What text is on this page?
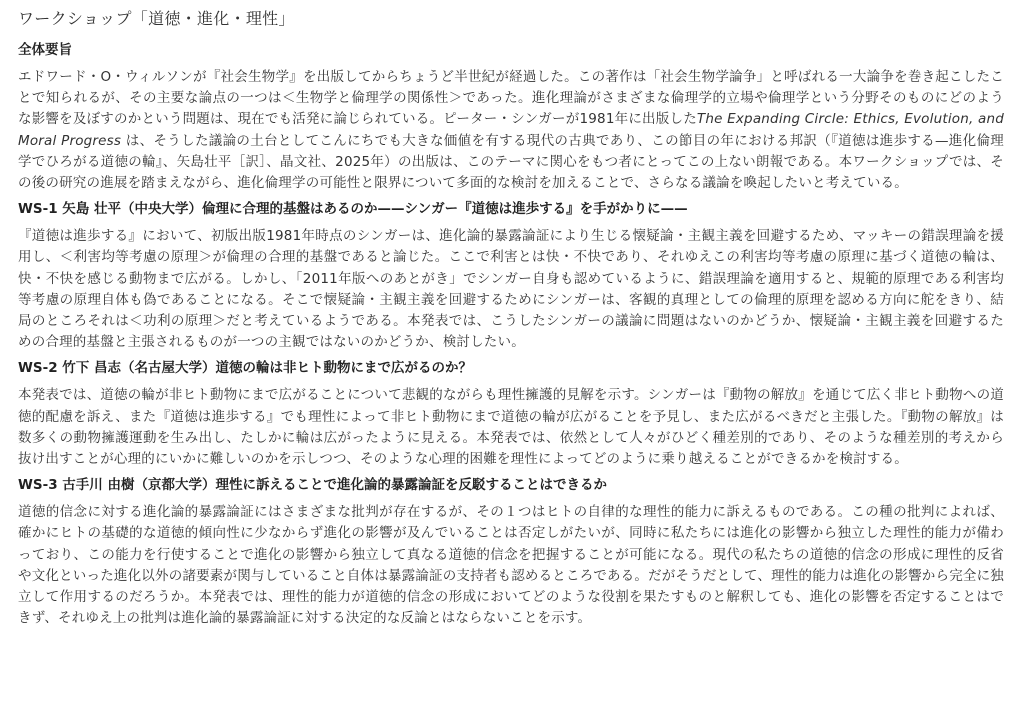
ワークショップ「道徳・進化・理性」
全体要旨

エドワード・O・ウィルソンが『社会生物学』を出版してからちょうど半世紀が経過した。この著作は「社会生物学論争」と呼ばれる一大論争を巻き起こしたことで知られるが、その主要な論点の一つは＜生物学と倫理学の関係性＞であった。進化理論がさまざまな倫理学的立場や倫理学という分野そのものにどのような影響を及ぼすのかという問題は、現在でも活発に論じられている。ピーター・シンガーが1981年に出版したThe Expanding Circle: Ethics, Evolution, and Moral Progress は、そうした議論の土台としてこんにちでも大きな価値を有する現代の古典であり、この節目の年における邦訳（『道徳は進歩する—進化倫理学でひろがる道徳の輪』、矢島壮平［訳］、晶文社、2025年）の出版は、このテーマに関心をもつ者にとってこの上ない朗報である。本ワークショップでは、その後の研究の進展を踏まえながら、進化倫理学の可能性と限界について多面的な検討を加えることで、さらなる議論を喚起したいと考えている。

WS-1 矢島 壮平（中央大学）倫理に合理的基盤はあるのか——シンガー『道徳は進歩する』を手がかりに——

『道徳は進歩する』において、初版出版1981年時点のシンガーは、進化論的暴露論証により生じる懐疑論・主観主義を回避するため、マッキーの錯誤理論を援用し、＜利害均等考慮の原理＞が倫理の合理的基盤であると論じた。ここで利害とは快・不快であり、それゆえこの利害均等考慮の原理に基づく道徳の輪は、快・不快を感じる動物まで広がる。しかし、「2011年版へのあとがき」でシンガー自身も認めているように、錯誤理論を適用すると、規範的原理である利害均等考慮の原理自体も偽であることになる。そこで懐疑論・主観主義を回避するためにシンガーは、客観的真理としての倫理的原理を認める方向に舵をきり、結局のところそれは＜功利の原理＞だと考えているようである。本発表では、こうしたシンガーの議論に問題はないのかどうか、懐疑論・主観主義を回避するための合理的基盤と主張されるものが一つの主観ではないのかどうか、検討したい。

WS-2 竹下 昌志（名古屋大学）道徳の輪は非ヒト動物にまで広がるのか？

本発表では、道徳の輪が非ヒト動物にまで広がることについて悲観的ながらも理性擁護的見解を示す。シンガーは『動物の解放』を通じて広く非ヒト動物への道徳的配慮を訴え、また『道徳は進歩する』でも理性によって非ヒト動物にまで道徳の輪が広がることを予見し、また広がるべきだと主張した。『動物の解放』は数多くの動物擁護運動を生み出し、たしかに輪は広がったように見える。本発表では、依然として人々がひどく種差別的であり、そのような種差別的考えから抜け出すことが心理的にいかに難しいのかを示しつつ、そのような心理的困難を理性によってどのように乗り越えることができるかを検討する。

WS-3 古手川 由樹（京都大学）理性に訴えることで進化論的暴露論証を反駁することはできるか

道徳的信念に対する進化論的暴露論証にはさまざまな批判が存在するが、その１つはヒトの自律的な理性的能力に訴えるものである。この種の批判によれば、確かにヒトの基礎的な道徳的傾向性に少なからず進化の影響が及んでいることは否定しがたいが、同時に私たちには進化の影響から独立した理性的能力が備わっており、この能力を行使することで進化の影響から独立して真なる道徳的信念を把握することが可能になる。現代の私たちの道徳的信念の形成に理性的反省や文化といった進化以外の諸要素が関与していること自体は暴露論証の支持者も認めるところである。だがそうだとして、理性的能力は進化の影響から完全に独立して作用するのだろうか。本発表では、理性的能力が道徳的信念の形成においてどのような役割を果たすものと解釈しても、進化の影響を否定することはできず、それゆえ上の批判は進化論的暴露論証に対する決定的な反論とはならないことを示す。
